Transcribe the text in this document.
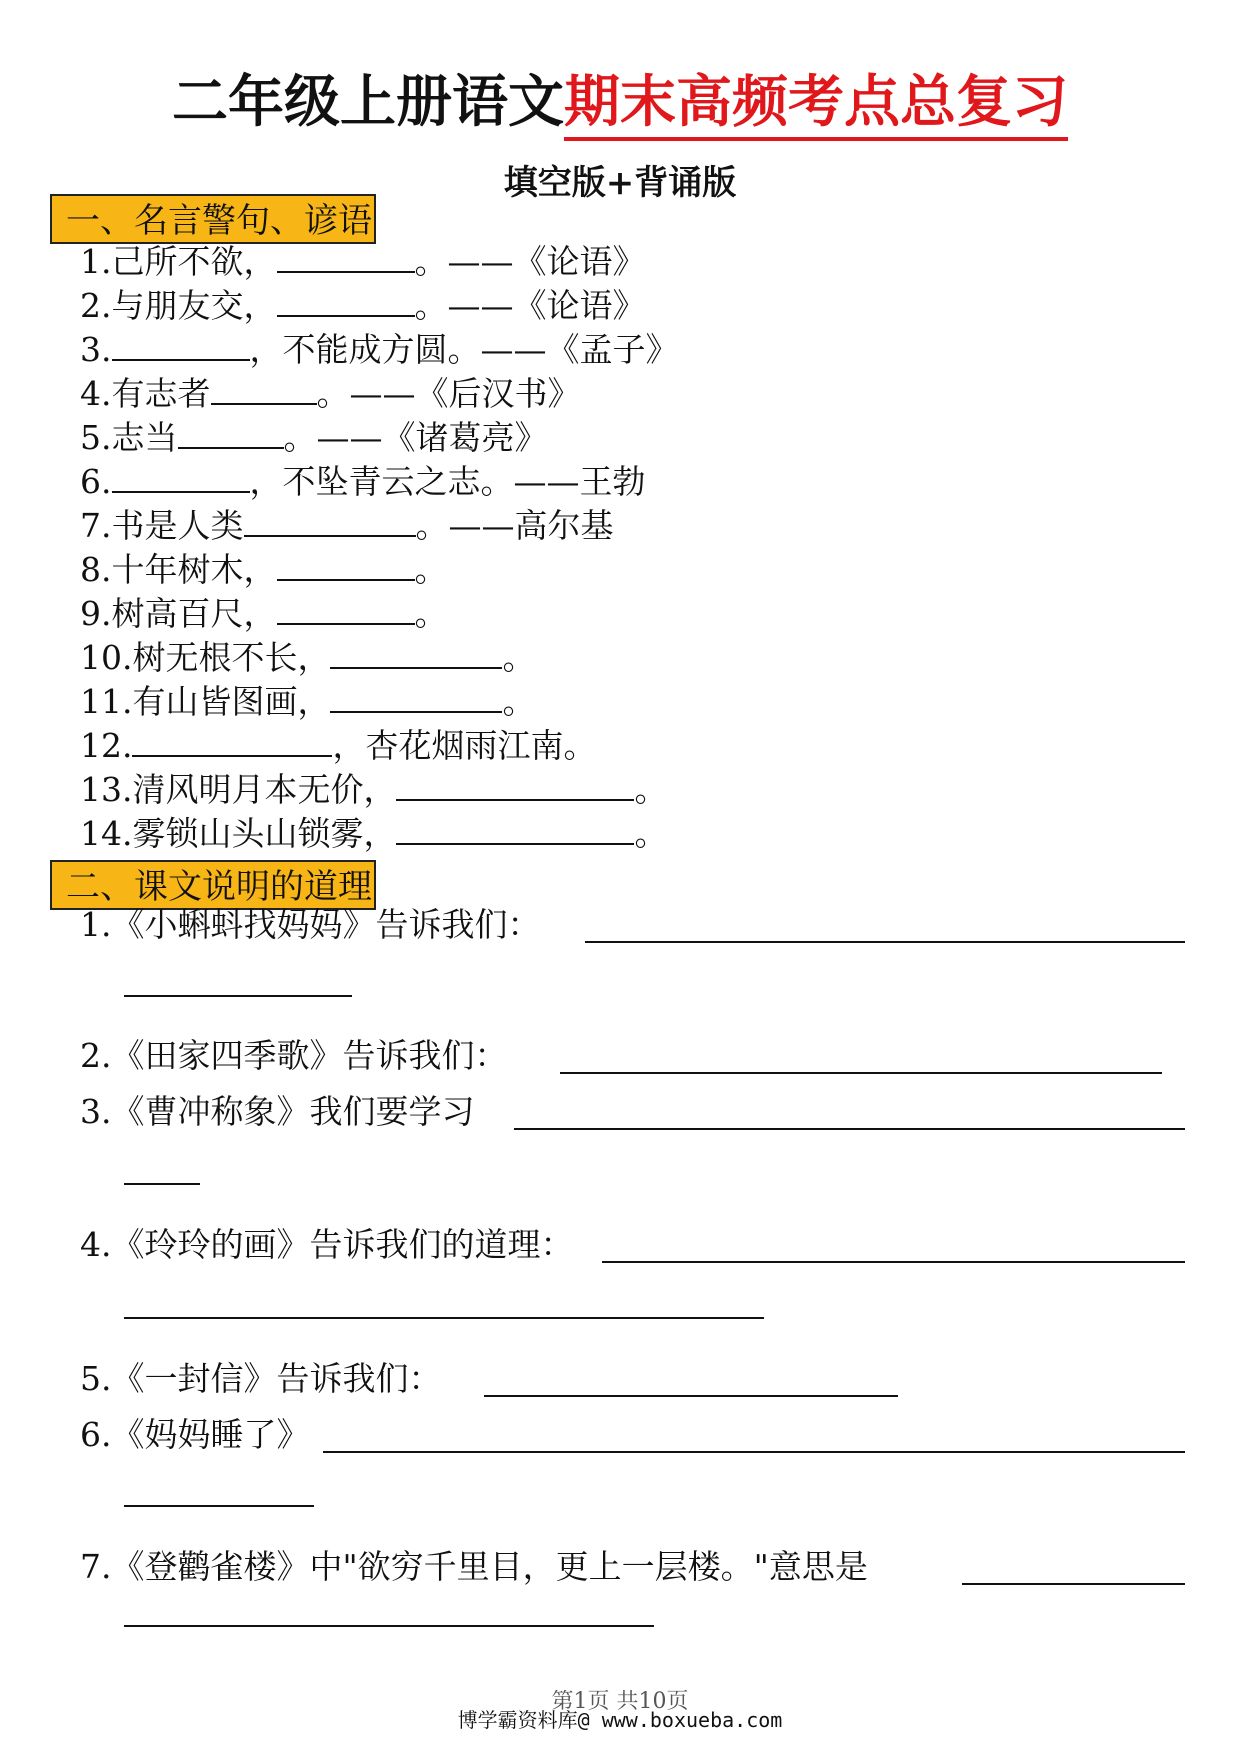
二年级上册语文期末高频考点总复习
填空版+背诵版
一、名言警句、谚语
1.己所不欲，	。——《论语》
2.与朋友交，	。——《论语》
3.	，不能成方圆。——《孟子》
4.有志者	。——《后汉书》
5.志当	。——《诸葛亮》
6.	，不坠青云之志。——王勃
7.书是人类	。——高尔基
8.十年树木，	。
9.树高百尺，	。
10.树无根不长，	。
11.有山皆图画，	。
12.	，杏花烟雨江南。
13.清风明月本无价，	。
14.雾锁山头山锁雾，	。
二、课文说明的道理
1.《小蝌蚪找妈妈》告诉我们：
2.《田家四季歌》告诉我们：
3.《曹冲称象》我们要学习
4.《玲玲的画》告诉我们的道理：
5.《一封信》告诉我们：
6.《妈妈睡了》
7.《登鹳雀楼》中"欲穷千里目，更上一层楼。"意思是
第1页 共10页
博学霸资料库@ www.boxueba.com
